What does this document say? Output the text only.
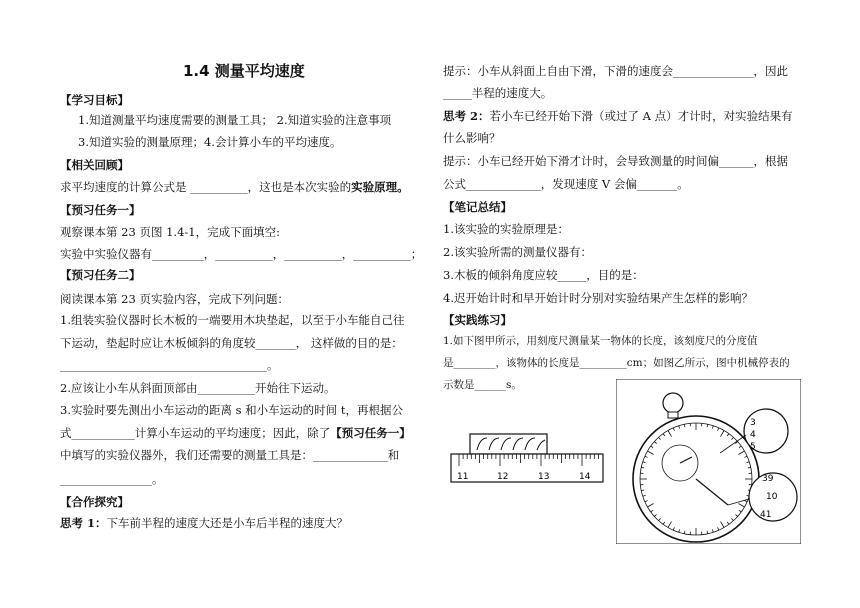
1.4 测量平均速度
【学习目标】
1.知道测量平均速度需要的测量工具； 2.知道实验的注意事项
3.知道实验的测量原理；4.会计算小车的平均速度。
【相关回顾】
求平均速度的计算公式是 __________，这也是本次实验的实验原理。
【预习任务一】
观察课本第 23 页图 1.4-1，完成下面填空:
实验中实验仪器有_________，__________，__________，__________；
【预习任务二】
阅读课本第 23 页实验内容，完成下列问题：
1.组装实验仪器时长木板的一端要用木块垫起，以至于小车能自己往
下运动，垫起时应让木板倾斜的角度较_______， 这样做的目的是：
____________________________________。
2.应该让小车从斜面顶部由__________开始往下运动。
3.实验时要先测出小车运动的距离 s 和小车运动的时间 t，再根据公
式___________计算小车运动的平均速度；因此，除了【预习任务一】
中填写的实验仪器外，我们还需要的测量工具是：_____________和
________________。
【合作探究】
思考 1：下车前半程的速度大还是小车后半程的速度大？
提示：小车从斜面上自由下滑，下滑的速度会______________，因此
_____半程的速度大。
思考 2：若小车已经开始下滑（或过了 A 点）才计时，对实验结果有
什么影响？
提示：小车已经开始下滑才计时，会导致测量的时间偏______，根据
公式_____________，发现速度 V 会偏_______。
【笔记总结】
1.该实验的实验原理是：
2.该实验所需的测量仪器有：
3.木板的倾斜角度应较_____，目的是：
4.迟开始计时和早开始计时分别对实验结果产生怎样的影响？
【实践练习】
1.如下图甲所示，用刻度尺测量某一物体的长度，该刻度尺的分度值
是________，该物体的长度是_________cm；如图乙所示，图中机械停表的
示数是______s。
11	12	13	14
3
4
5
39
10
41
